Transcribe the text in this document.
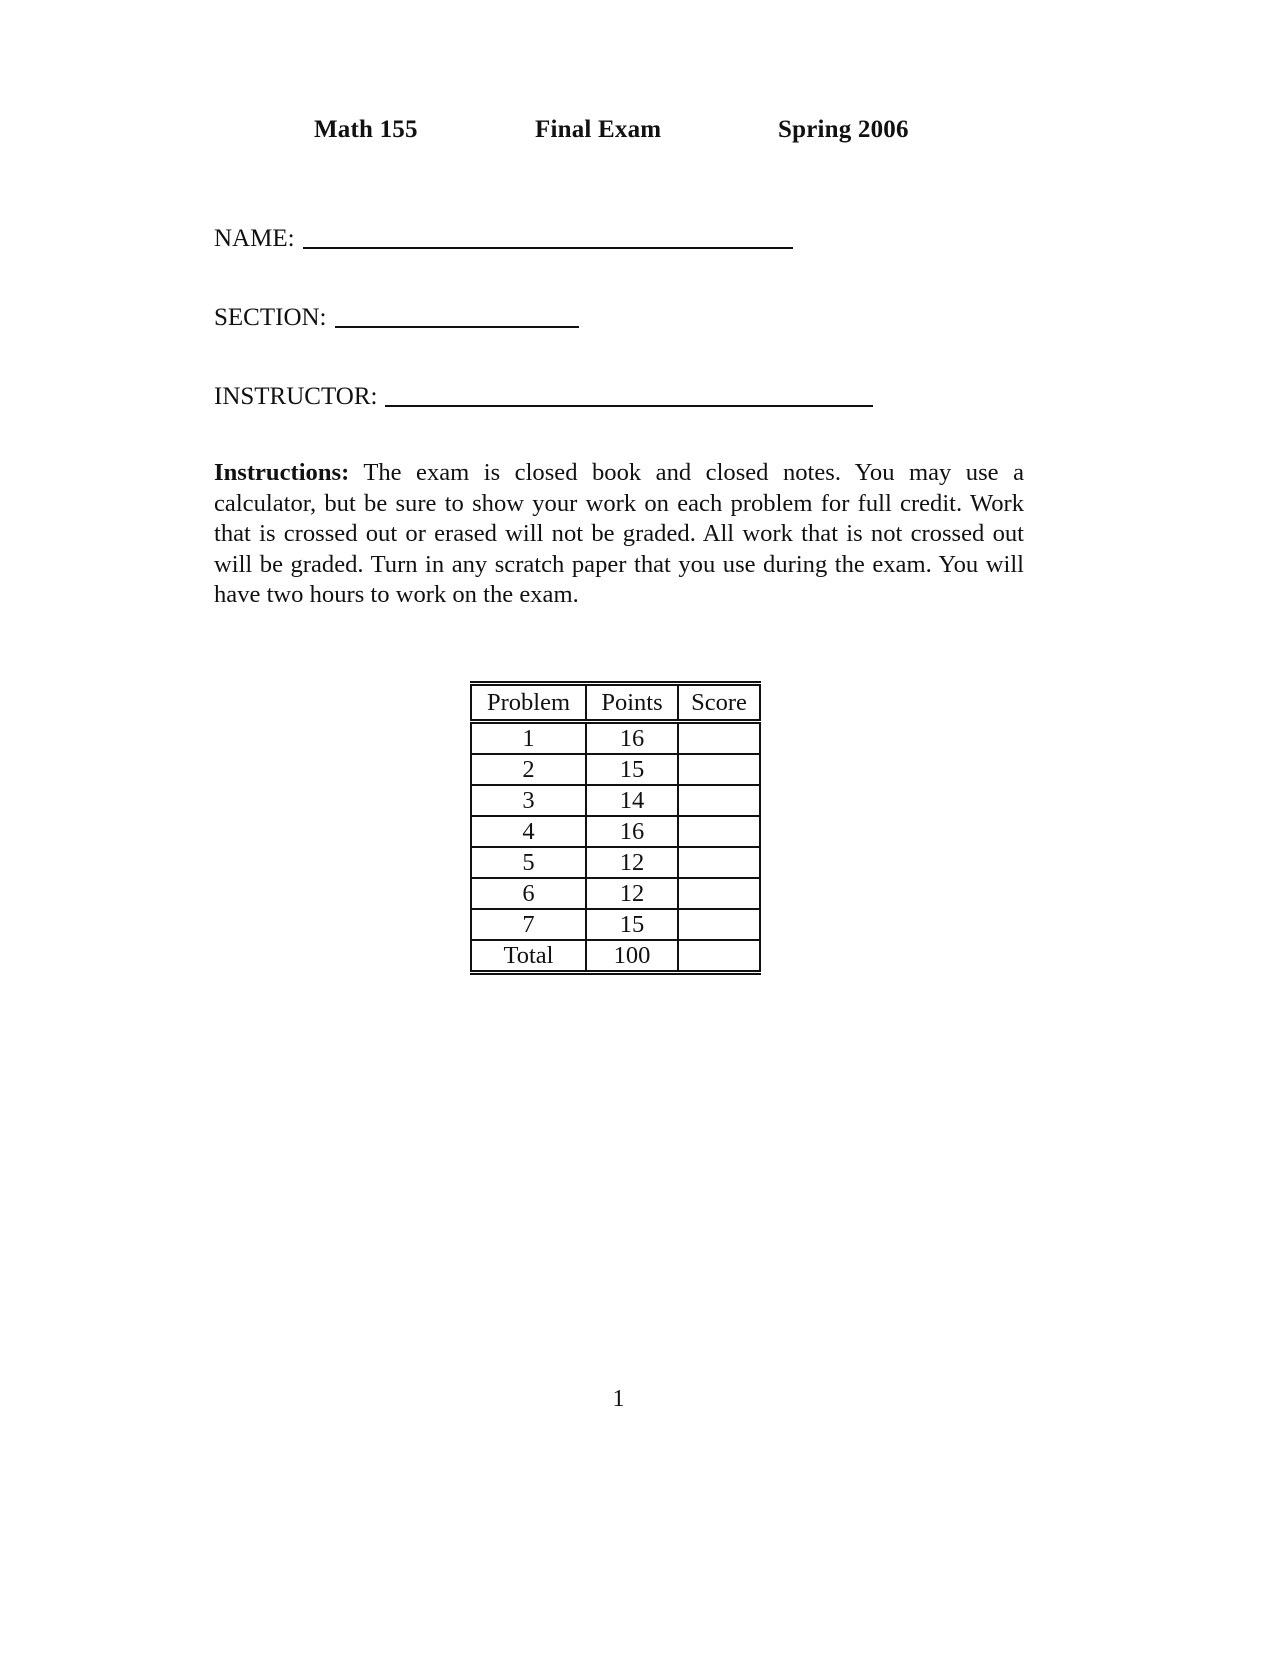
Math 155	Final Exam	Spring 2006
NAME:
SECTION:
INSTRUCTOR:
Instructions: The exam is closed book and closed notes. You may use a calculator, but be sure to show your work on each problem for full credit. Work that is crossed out or erased will not be graded. All work that is not crossed out will be graded. Turn in any scratch paper that you use during the exam. You will have two hours to work on the exam.
Problem	Points	Score
1	16	
2	15	
3	14	
4	16	
5	12	
6	12	
7	15	
Total	100	
1
